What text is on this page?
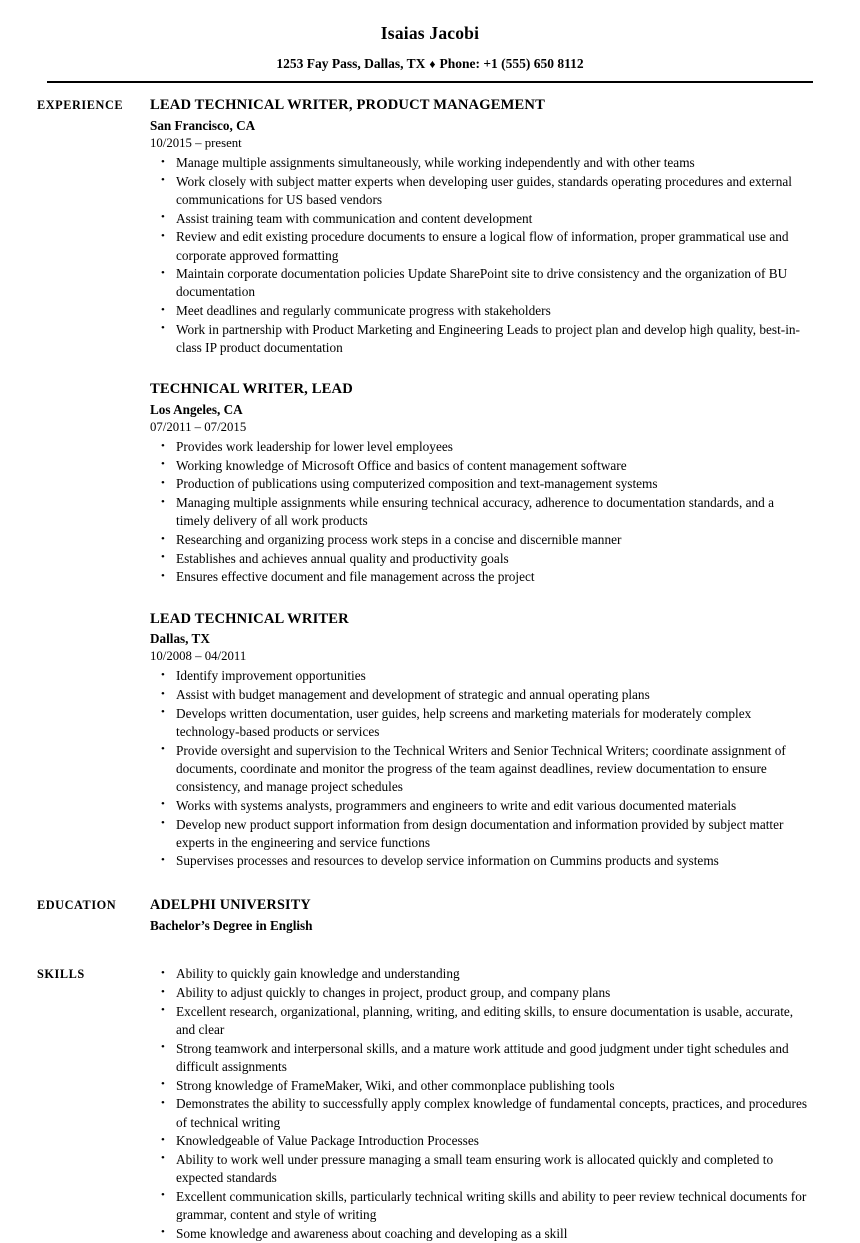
Isaias Jacobi
1253 Fay Pass, Dallas, TX ♦ Phone: +1 (555) 650 8112
EXPERIENCE	LEAD TECHNICAL WRITER, PRODUCT MANAGEMENT
San Francisco, CA
10/2015 – present
• Manage multiple assignments simultaneously, while working independently and with other teams
• Work closely with subject matter experts when developing user guides, standards operating procedures and external communications for US based vendors
• Assist training team with communication and content development
• Review and edit existing procedure documents to ensure a logical flow of information, proper grammatical use and corporate approved formatting
• Maintain corporate documentation policies Update SharePoint site to drive consistency and the organization of BU documentation
• Meet deadlines and regularly communicate progress with stakeholders
• Work in partnership with Product Marketing and Engineering Leads to project plan and develop high quality, best-in-class IP product documentation
TECHNICAL WRITER, LEAD
Los Angeles, CA
07/2011 – 07/2015
• Provides work leadership for lower level employees
• Working knowledge of Microsoft Office and basics of content management software
• Production of publications using computerized composition and text-management systems
• Managing multiple assignments while ensuring technical accuracy, adherence to documentation standards, and a timely delivery of all work products
• Researching and organizing process work steps in a concise and discernible manner
• Establishes and achieves annual quality and productivity goals
• Ensures effective document and file management across the project
LEAD TECHNICAL WRITER
Dallas, TX
10/2008 – 04/2011
• Identify improvement opportunities
• Assist with budget management and development of strategic and annual operating plans
• Develops written documentation, user guides, help screens and marketing materials for moderately complex technology-based products or services
• Provide oversight and supervision to the Technical Writers and Senior Technical Writers; coordinate assignment of documents, coordinate and monitor the progress of the team against deadlines, review documentation to ensure consistency, and manage project schedules
• Works with systems analysts, programmers and engineers to write and edit various documented materials
• Develop new product support information from design documentation and information provided by subject matter experts in the engineering and service functions
• Supervises processes and resources to develop service information on Cummins products and systems
EDUCATION	ADELPHI UNIVERSITY
Bachelor’s Degree in English
SKILLS	• Ability to quickly gain knowledge and understanding
• Ability to adjust quickly to changes in project, product group, and company plans
• Excellent research, organizational, planning, writing, and editing skills, to ensure documentation is usable, accurate, and clear
• Strong teamwork and interpersonal skills, and a mature work attitude and good judgment under tight schedules and difficult assignments
• Strong knowledge of FrameMaker, Wiki, and other commonplace publishing tools
• Demonstrates the ability to successfully apply complex knowledge of fundamental concepts, practices, and procedures of technical writing
• Knowledgeable of Value Package Introduction Processes
• Ability to work well under pressure managing a small team ensuring work is allocated quickly and completed to expected standards
• Excellent communication skills, particularly technical writing skills and ability to peer review technical documents for grammar, content and style of writing
• Some knowledge and awareness about coaching and developing as a skill
